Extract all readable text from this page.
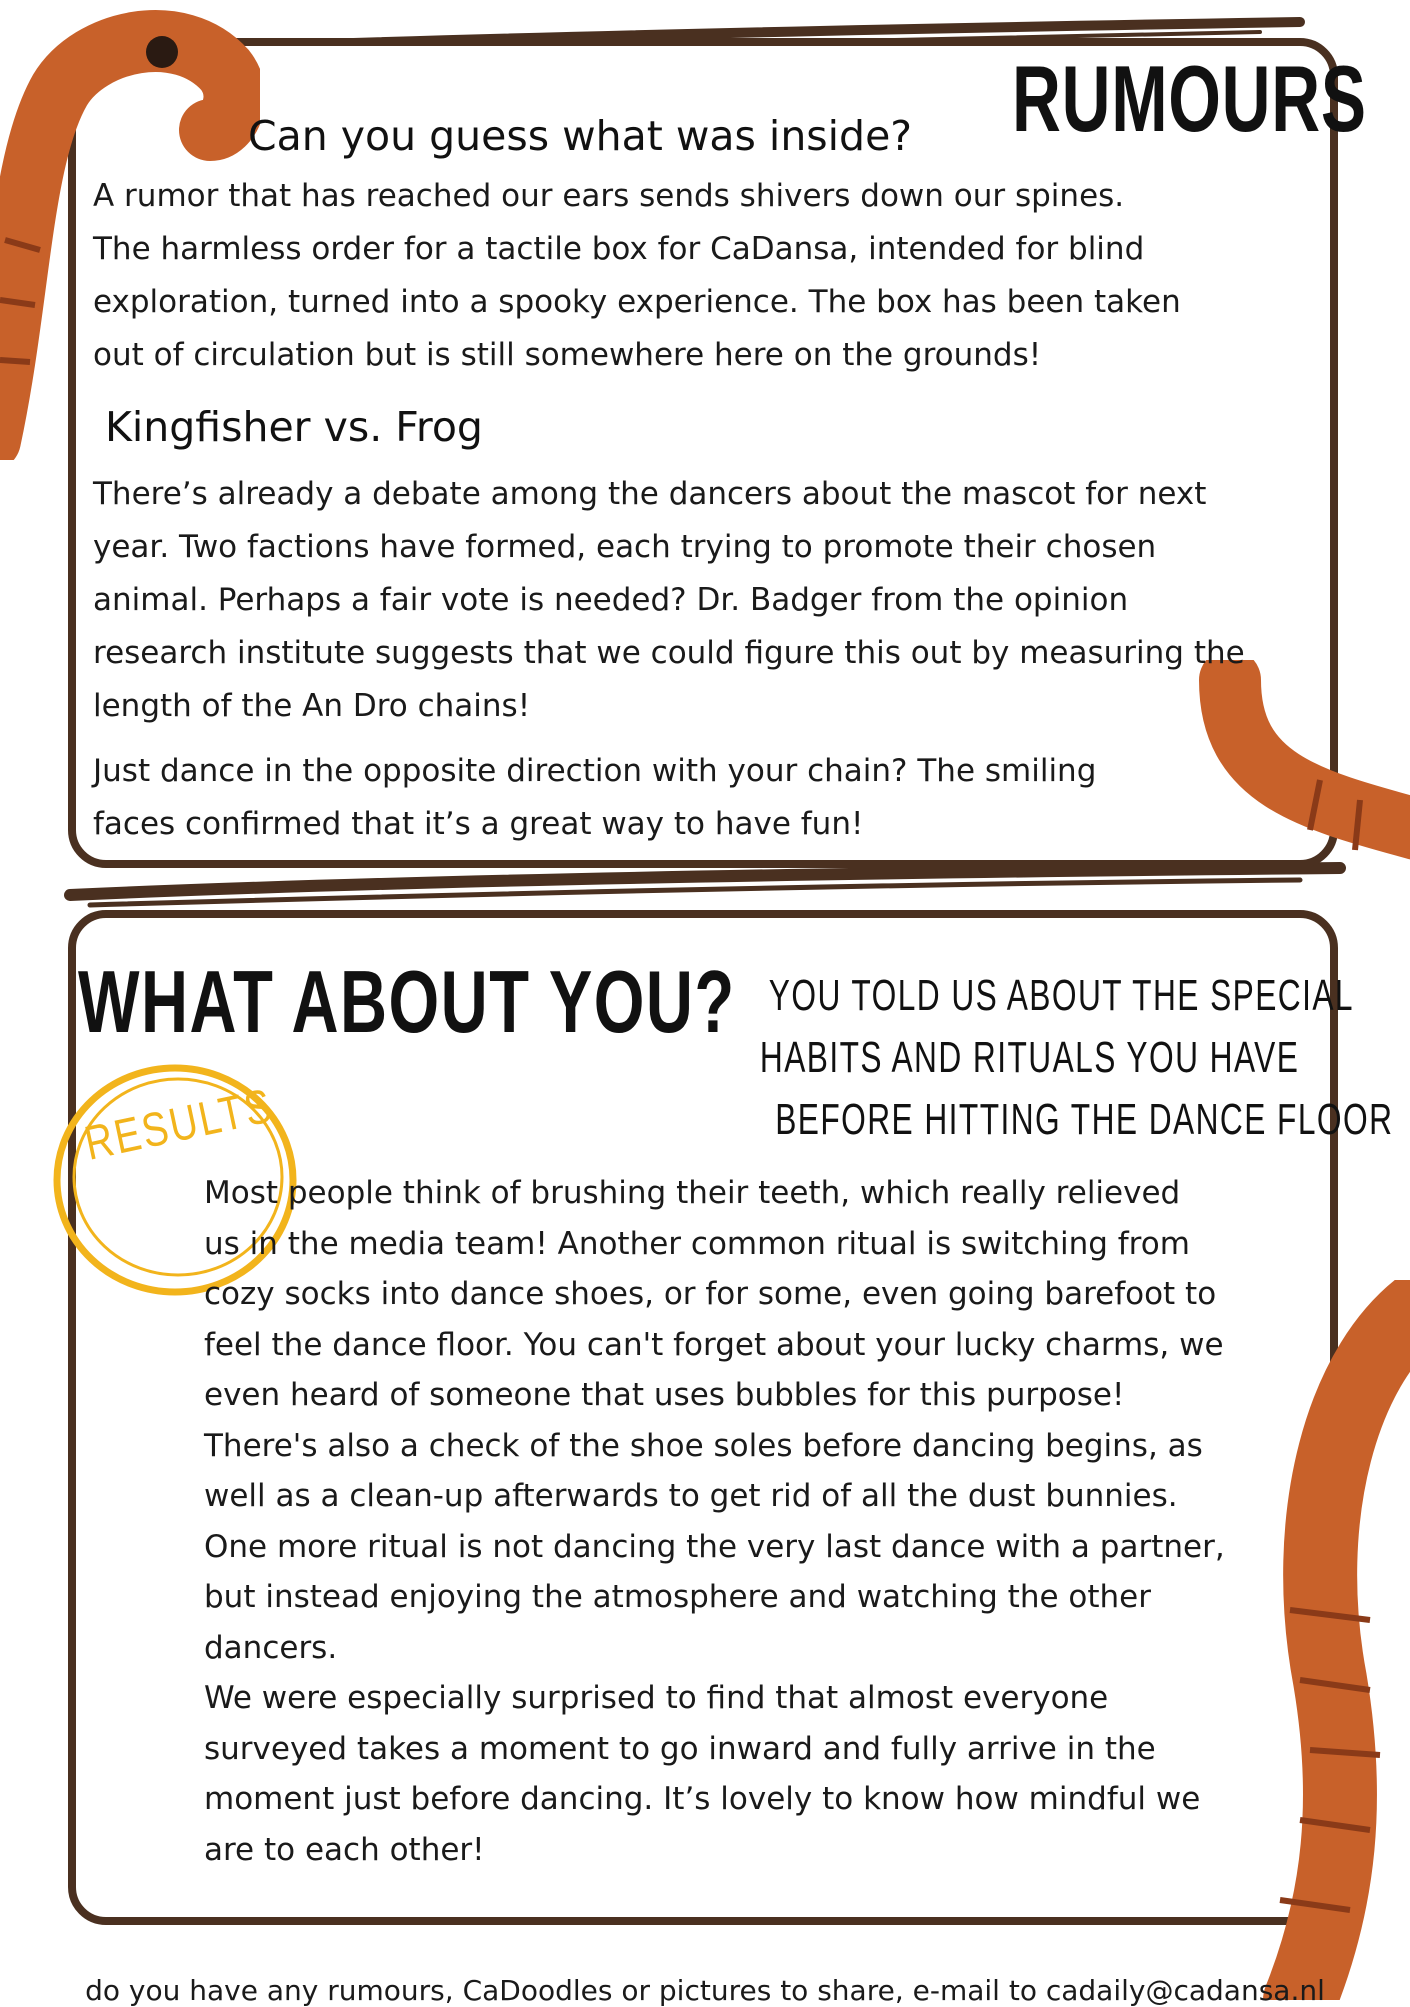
RUMOURS
Can you guess what was inside?

A rumor that has reached our ears sends shivers down our spines.

The harmless order for a tactile box for CaDansa, intended for blind

exploration, turned into a spooky experience. The box has been taken

out of circulation but is still somewhere here on the grounds!

Kingfisher vs. Frog

There’s already a debate among the dancers about the mascot for next

year. Two factions have formed, each trying to promote their chosen

animal. Perhaps a fair vote is needed? Dr. Badger from the opinion

research institute suggests that we could figure this out by measuring the

length of the An Dro chains!

Just dance in the opposite direction with your chain? The smiling

faces confirmed that it’s a great way to have fun!

WHAT ABOUT YOU? YOU TOLD US ABOUT THE SPECIAL
HABITS AND RITUALS YOU HAVE
BEFORE HITTING THE DANCE FLOOR
RESULTS

Most people think of brushing their teeth, which really relieved

us in the media team! Another common ritual is switching from

cozy socks into dance shoes, or for some, even going barefoot to

feel the dance floor. You can't forget about your lucky charms, we

even heard of someone that uses bubbles for this purpose!

There's also a check of the shoe soles before dancing begins, as

well as a clean-up afterwards to get rid of all the dust bunnies.

One more ritual is not dancing the very last dance with a partner,

but instead enjoying the atmosphere and watching the other

dancers.

We were especially surprised to find that almost everyone

surveyed takes a moment to go inward and fully arrive in the

moment just before dancing. It’s lovely to know how mindful we

are to each other!

do you have any rumours, CaDoodles or pictures to share, e-mail to cadaily@cadansa.nl
